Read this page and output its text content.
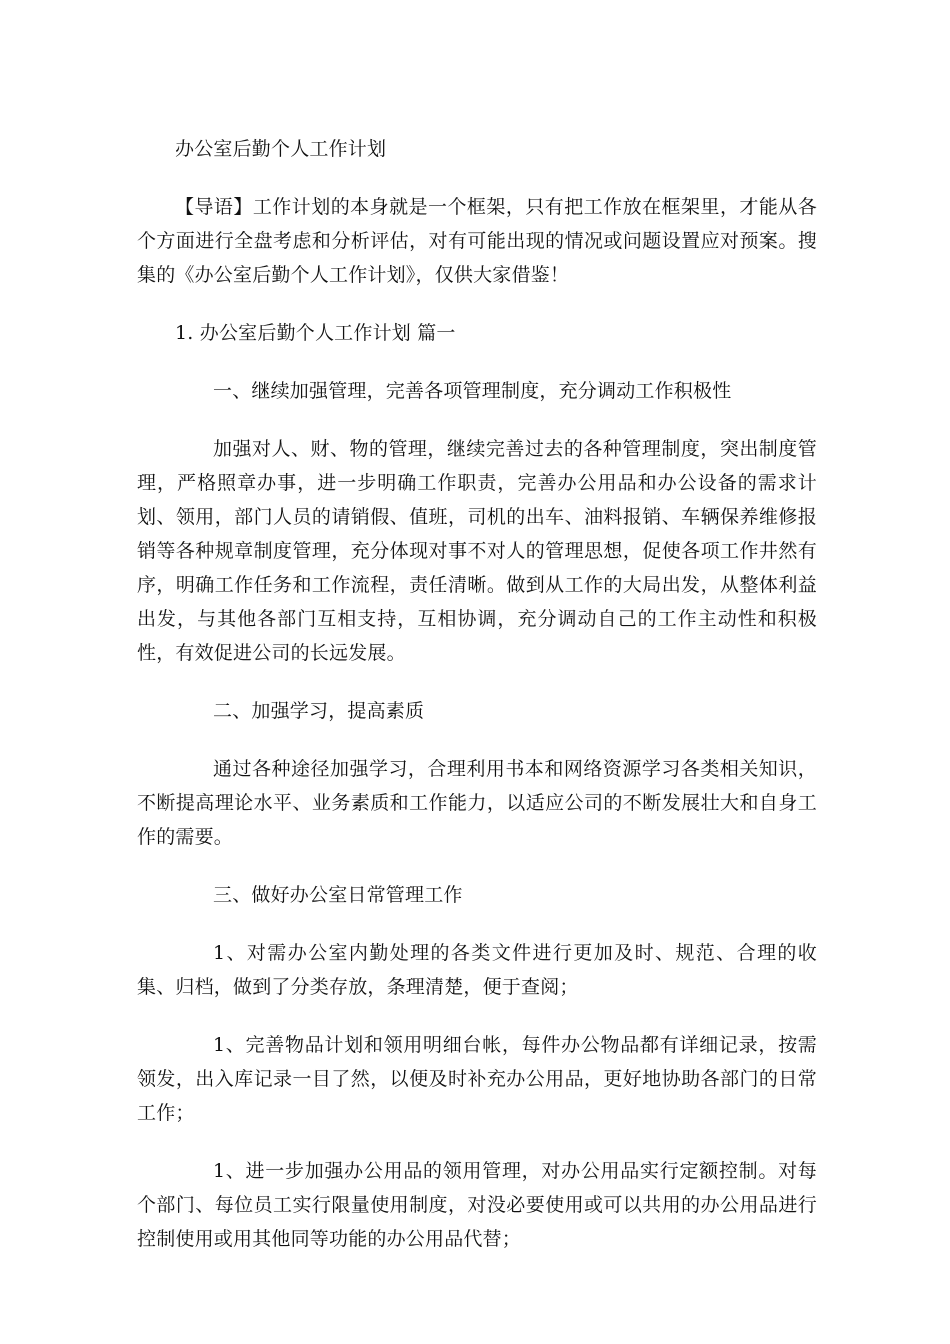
办公室后勤个人工作计划

【导语】工作计划的本身就是一个框架，只有把工作放在框架里，才能从各个方面进行全盘考虑和分析评估，对有可能出现的情况或问题设置应对预案。搜集的《办公室后勤个人工作计划》，仅供大家借鉴！

1. 办公室后勤个人工作计划 篇一

一、继续加强管理，完善各项管理制度，充分调动工作积极性

加强对人、财、物的管理，继续完善过去的各种管理制度，突出制度管理，严格照章办事，进一步明确工作职责，完善办公用品和办公设备的需求计划、领用，部门人员的请销假、值班，司机的出车、油料报销、车辆保养维修报销等各种规章制度管理，充分体现对事不对人的管理思想，促使各项工作井然有序，明确工作任务和工作流程，责任清晰。做到从工作的大局出发，从整体利益出发，与其他各部门互相支持，互相协调，充分调动自己的工作主动性和积极性，有效促进公司的长远发展。

二、加强学习，提高素质

通过各种途径加强学习，合理利用书本和网络资源学习各类相关知识，不断提高理论水平、业务素质和工作能力，以适应公司的不断发展壮大和自身工作的需要。

三、做好办公室日常管理工作

1、对需办公室内勤处理的各类文件进行更加及时、规范、合理的收集、归档，做到了分类存放，条理清楚，便于查阅；

1、完善物品计划和领用明细台帐，每件办公物品都有详细记录，按需领发，出入库记录一目了然，以便及时补充办公用品，更好地协助各部门的日常工作；

1、进一步加强办公用品的领用管理，对办公用品实行定额控制。对每个部门、每位员工实行限量使用制度，对没必要使用或可以共用的办公用品进行控制使用或用其他同等功能的办公用品代替；
